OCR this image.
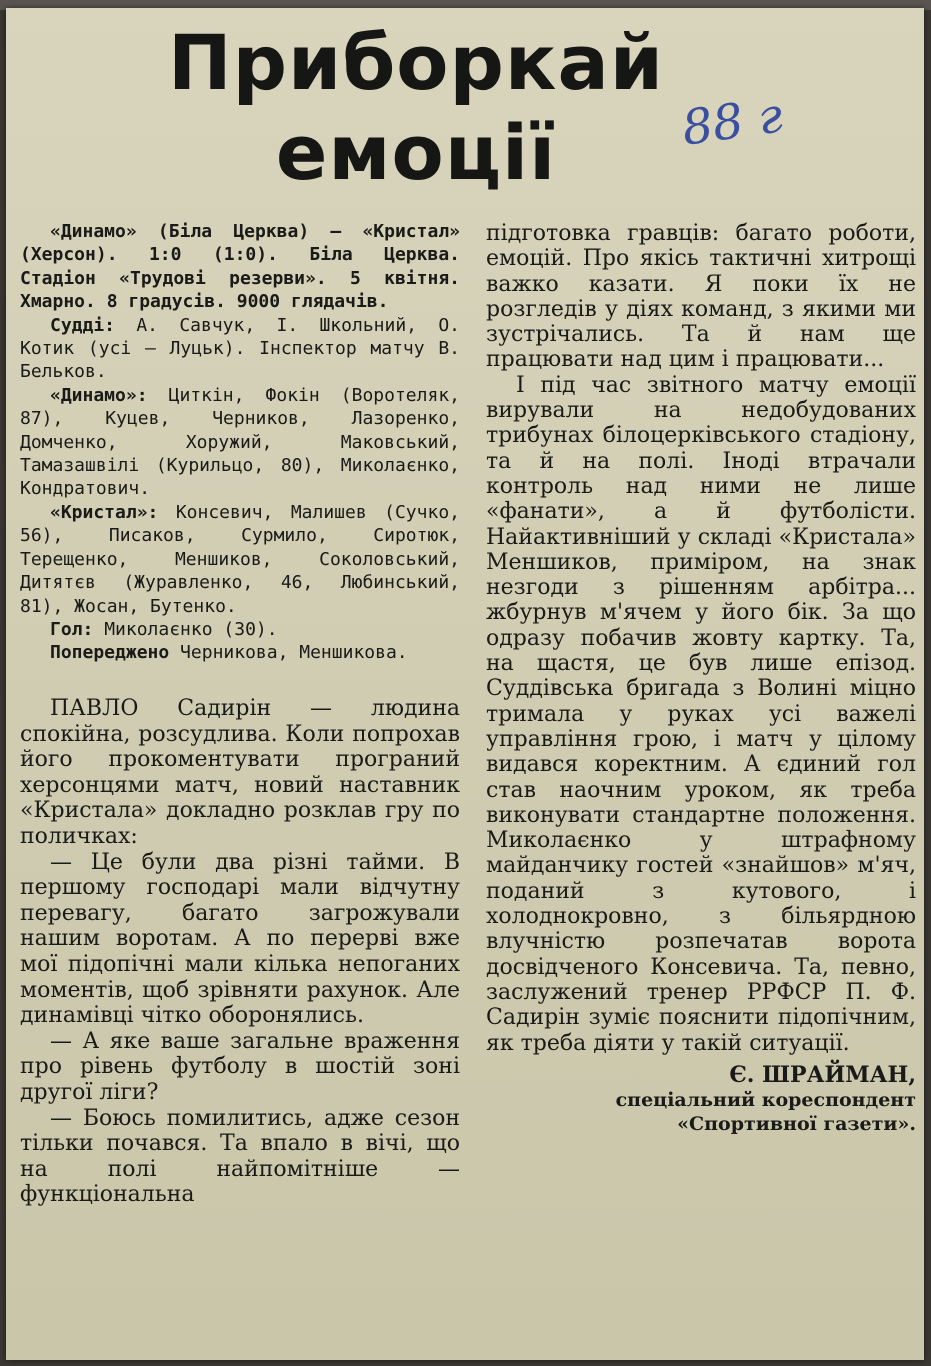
Приборкай
емоції	88 г

«Динамо» (Біла Церква) — «Кристал» (Херсон). 1:0 (1:0). Біла Церква. Стадіон «Трудові резерви». 5 квітня. Хмарно. 8 градусів. 9000 глядачів.

Судді: А. Савчук, І. Школьний, О. Котик (усі — Луцьк). Інспектор матчу В. Бельков.

«Динамо»: Циткін, Фокін (Воротеляк, 87), Куцев, Черников, Лазоренко, Домченко, Хоружий, Маковський, Тамазашвілі (Курильцо, 80), Миколаєнко, Кондратович.

«Кристал»: Консевич, Малишев (Сучко, 56), Писаков, Сурмило, Сиротюк, Терещенко, Меншиков, Соколовський, Дитятєв (Журавленко, 46, Любинський, 81), Жосан, Бутенко.

Гол: Миколаєнко (30).

Попереджено Черникова, Меншикова.

ПАВЛО Садирін — людина спокійна, розсудлива. Коли попрохав його прокоментувати програний херсонцями матч, новий наставник «Кристала» докладно розклав гру по поличках:

— Це були два різні тайми. В першому господарі мали відчутну перевагу, багато загрожували нашим воротам. А по перерві вже мої підопічні мали кілька непоганих моментів, щоб зрівняти рахунок. Але динамівці чітко оборонялись.

— А яке ваше загальне враження про рівень футболу в шостій зоні другої ліги?

— Боюсь помилитись, адже сезон тільки почався. Та впало в вічі, що на полі найпомітніше — функціональна

підготовка гравців: багато роботи, емоцій. Про якісь тактичні хитрощі важко казати. Я поки їх не розгледів у діях команд, з якими ми зустрічались. Та й нам ще працювати над цим і працювати...

І під час звітного матчу емоції вирували на недобудованих трибунах білоцерківського стадіону, та й на полі. Іноді втрачали контроль над ними не лише «фанати», а й футболісти. Найактивніший у складі «Кристала» Меншиков, приміром, на знак незгоди з рішенням арбітра... жбурнув м'ячем у його бік. За що одразу побачив жовту картку. Та, на щастя, це був лише епізод. Суддівська бригада з Волині міцно тримала у руках усі важелі управління грою, і матч у цілому видався коректним. А єдиний гол став наочним уроком, як треба виконувати стандартне положення. Миколаєнко у штрафному майданчику гостей «знайшов» м'яч, поданий з кутового, і холоднокровно, з більярдною влучністю розпечатав ворота досвідченого Консевича. Та, певно, заслужений тренер РРФСР П. Ф. Садирін зуміє пояснити підопічним, як треба діяти у такій ситуації.

Є. ШРАЙМАН,
спеціальний кореспондент «Спортивної газети».
